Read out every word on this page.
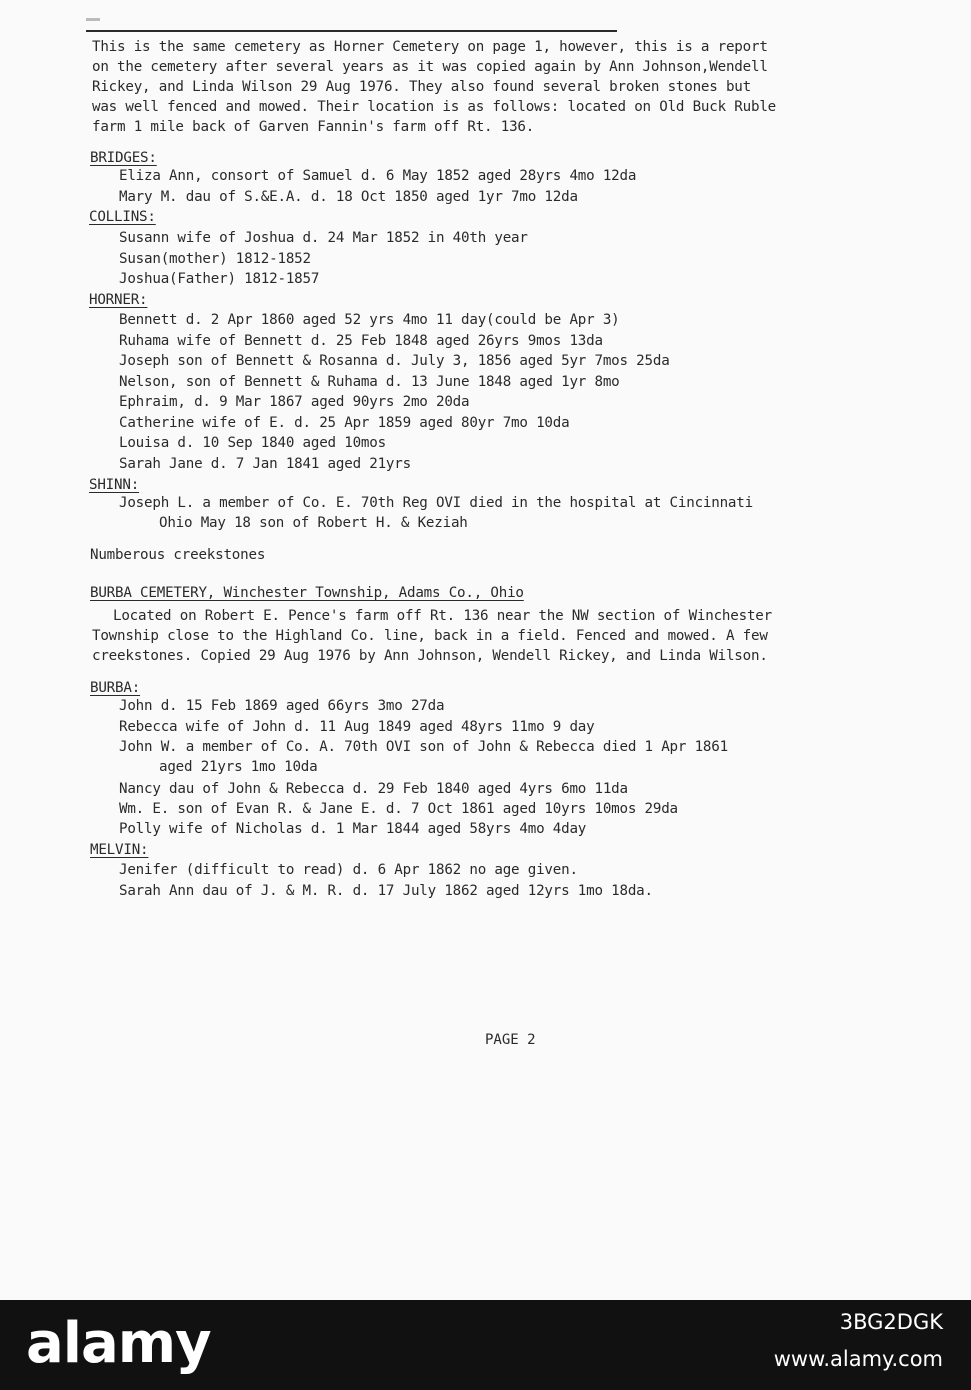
This is the same cemetery as Horner Cemetery on page 1, however, this is a report
on the cemetery after several years as it was copied again by Ann Johnson,Wendell
Rickey, and Linda Wilson 29 Aug 1976. They also found several broken stones but
was well fenced and mowed. Their location is as follows: located on Old Buck Ruble
farm 1 mile back of Garven Fannin's farm off Rt. 136.
BRIDGES:
Eliza Ann, consort of Samuel d. 6 May 1852 aged 28yrs 4mo 12da
Mary M. dau of S.&E.A. d. 18 Oct 1850 aged 1yr 7mo 12da
COLLINS:
Susann wife of Joshua d. 24 Mar 1852 in 40th year
Susan(mother) 1812-1852
Joshua(Father) 1812-1857
HORNER:
Bennett d. 2 Apr 1860 aged 52 yrs 4mo 11 day(could be Apr 3)
Ruhama wife of Bennett d. 25 Feb 1848 aged 26yrs 9mos 13da
Joseph son of Bennett & Rosanna d. July 3, 1856 aged 5yr 7mos 25da
Nelson, son of Bennett & Ruhama d. 13 June 1848 aged 1yr 8mo
Ephraim, d. 9 Mar 1867 aged 90yrs 2mo 20da
Catherine wife of E. d. 25 Apr 1859 aged 80yr 7mo 10da
Louisa d. 10 Sep 1840 aged 10mos
Sarah Jane d. 7 Jan 1841 aged 21yrs
SHINN:
Joseph L. a member of Co. E. 70th Reg OVI died in the hospital at Cincinnati
Ohio May 18 son of Robert H. & Keziah
Numberous creekstones
BURBA CEMETERY, Winchester Township, Adams Co., Ohio
Located on Robert E. Pence's farm off Rt. 136 near the NW section of Winchester
Township close to the Highland Co. line, back in a field. Fenced and mowed. A few
creekstones. Copied 29 Aug 1976 by Ann Johnson, Wendell Rickey, and Linda Wilson.
BURBA:
John d. 15 Feb 1869 aged 66yrs 3mo 27da
Rebecca wife of John d. 11 Aug 1849 aged 48yrs 11mo 9 day
John W. a member of Co. A. 70th OVI son of John & Rebecca died 1 Apr 1861
aged 21yrs 1mo 10da
Nancy dau of John & Rebecca d. 29 Feb 1840 aged 4yrs 6mo 11da
Wm. E. son of Evan R. & Jane E. d. 7 Oct 1861 aged 10yrs 10mos 29da
Polly wife of Nicholas d. 1 Mar 1844 aged 58yrs 4mo 4day
MELVIN:
Jenifer (difficult to read) d. 6 Apr 1862 no age given.
Sarah Ann dau of J. & M. R. d. 17 July 1862 aged 12yrs 1mo 18da.
PAGE 2
alamy	3BG2DGK
www.alamy.com
